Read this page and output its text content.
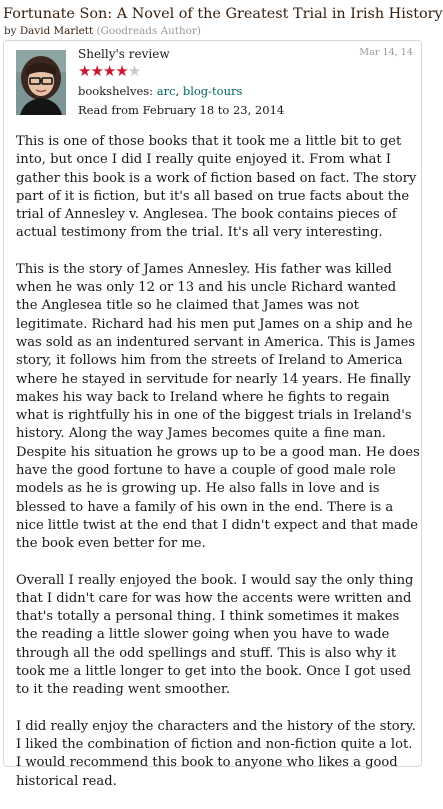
Fortunate Son: A Novel of the Greatest Trial in Irish History
by David Marlett (Goodreads Author)
Shelly's review	Mar 14, 14
★★★★★
bookshelves: arc, blog-tours
Read from February 18 to 23, 2014

This is one of those books that it took me a little bit to get into, but once I did I really quite enjoyed it. From what I gather this book is a work of fiction based on fact. The story part of it is fiction, but it's all based on true facts about the trial of Annesley v. Anglesea. The book contains pieces of actual testimony from the trial. It's all very interesting.

This is the story of James Annesley. His father was killed when he was only 12 or 13 and his uncle Richard wanted the Anglesea title so he claimed that James was not legitimate. Richard had his men put James on a ship and he was sold as an indentured servant in America. This is James story, it follows him from the streets of Ireland to America where he stayed in servitude for nearly 14 years. He finally makes his way back to Ireland where he fights to regain what is rightfully his in one of the biggest trials in Ireland's history. Along the way James becomes quite a fine man. Despite his situation he grows up to be a good man. He does have the good fortune to have a couple of good male role models as he is growing up. He also falls in love and is blessed to have a family of his own in the end. There is a nice little twist at the end that I didn't expect and that made the book even better for me.

Overall I really enjoyed the book. I would say the only thing that I didn't care for was how the accents were written and that's totally a personal thing. I think sometimes it makes the reading a little slower going when you have to wade through all the odd spellings and stuff. This is also why it took me a little longer to get into the book. Once I got used to it the reading went smoother.

I did really enjoy the characters and the history of the story. I liked the combination of fiction and non-fiction quite a lot. I would recommend this book to anyone who likes a good historical read.
